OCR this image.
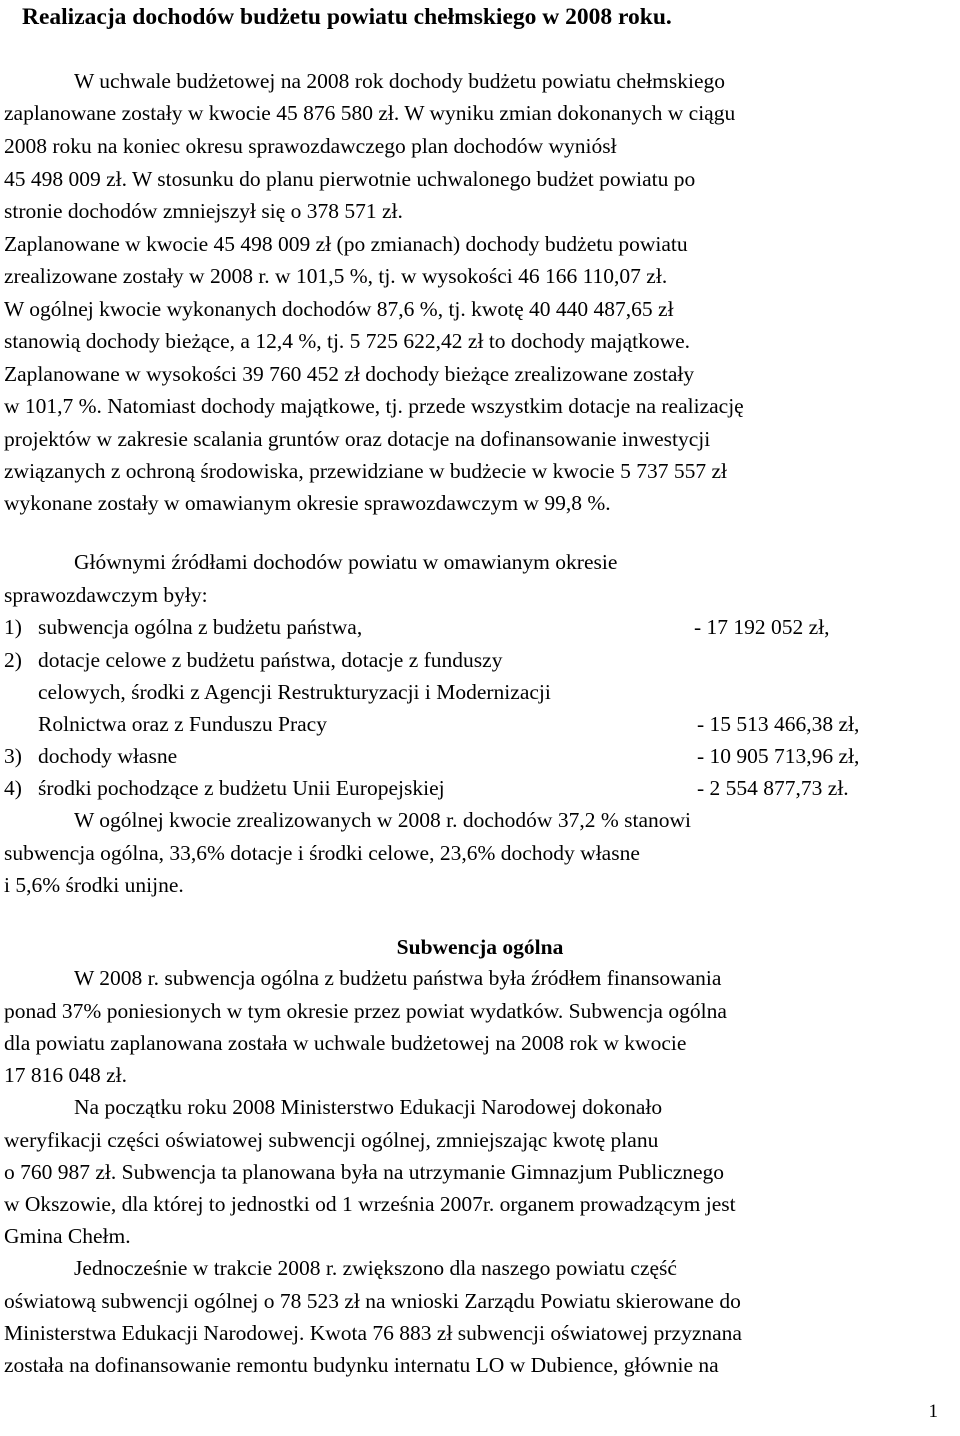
Realizacja dochodów budżetu powiatu chełmskiego w 2008 roku.
W uchwale budżetowej na 2008 rok dochody budżetu powiatu chełmskiego
zaplanowane zostały w kwocie 45 876 580 zł. W wyniku zmian dokonanych w ciągu
2008 roku na koniec okresu sprawozdawczego plan dochodów wyniósł
45 498 009 zł. W stosunku do planu pierwotnie uchwalonego budżet powiatu po
stronie dochodów zmniejszył się o 378 571 zł.
Zaplanowane w kwocie 45 498 009 zł (po zmianach) dochody budżetu powiatu
zrealizowane zostały w 2008 r. w 101,5 %, tj. w wysokości 46 166 110,07 zł.
W ogólnej kwocie wykonanych dochodów 87,6 %, tj. kwotę 40 440 487,65 zł
stanowią dochody bieżące, a 12,4 %, tj. 5 725 622,42 zł to dochody majątkowe.
Zaplanowane w wysokości 39 760 452 zł dochody bieżące zrealizowane zostały
w 101,7 %. Natomiast dochody majątkowe, tj. przede wszystkim dotacje na realizację
projektów w zakresie scalania gruntów oraz dotacje na dofinansowanie inwestycji
związanych z ochroną środowiska, przewidziane w budżecie w kwocie 5 737 557 zł
wykonane zostały w omawianym okresie sprawozdawczym w 99,8 %.
Głównymi źródłami dochodów powiatu w omawianym okresie
sprawozdawczym były:
1) subwencja ogólna z budżetu państwa,	- 17 192 052 zł,
2) dotacje celowe z budżetu państwa, dotacje z funduszy
celowych, środki z Agencji Restrukturyzacji i Modernizacji
Rolnictwa oraz z Funduszu Pracy	- 15 513 466,38 zł,
3) dochody własne	- 10 905 713,96 zł,
4) środki pochodzące z budżetu Unii Europejskiej	- 2 554 877,73 zł.
W ogólnej kwocie zrealizowanych w 2008 r. dochodów 37,2 % stanowi
subwencja ogólna, 33,6% dotacje i środki celowe, 23,6% dochody własne
i 5,6% środki unijne.
Subwencja ogólna
W 2008 r. subwencja ogólna z budżetu państwa była źródłem finansowania
ponad 37% poniesionych w tym okresie przez powiat wydatków. Subwencja ogólna
dla powiatu zaplanowana została w uchwale budżetowej na 2008 rok w kwocie
17 816 048 zł.
Na początku roku 2008 Ministerstwo Edukacji Narodowej dokonało
weryfikacji części oświatowej subwencji ogólnej, zmniejszając kwotę planu
o 760 987 zł. Subwencja ta planowana była na utrzymanie Gimnazjum Publicznego
w Okszowie, dla której to jednostki od 1 września 2007r. organem prowadzącym jest
Gmina Chełm.
Jednocześnie w trakcie 2008 r. zwiększono dla naszego powiatu część
oświatową subwencji ogólnej o 78 523 zł na wnioski Zarządu Powiatu skierowane do
Ministerstwa Edukacji Narodowej. Kwota 76 883 zł subwencji oświatowej przyznana
została na dofinansowanie remontu budynku internatu LO w Dubience, głównie na
1
